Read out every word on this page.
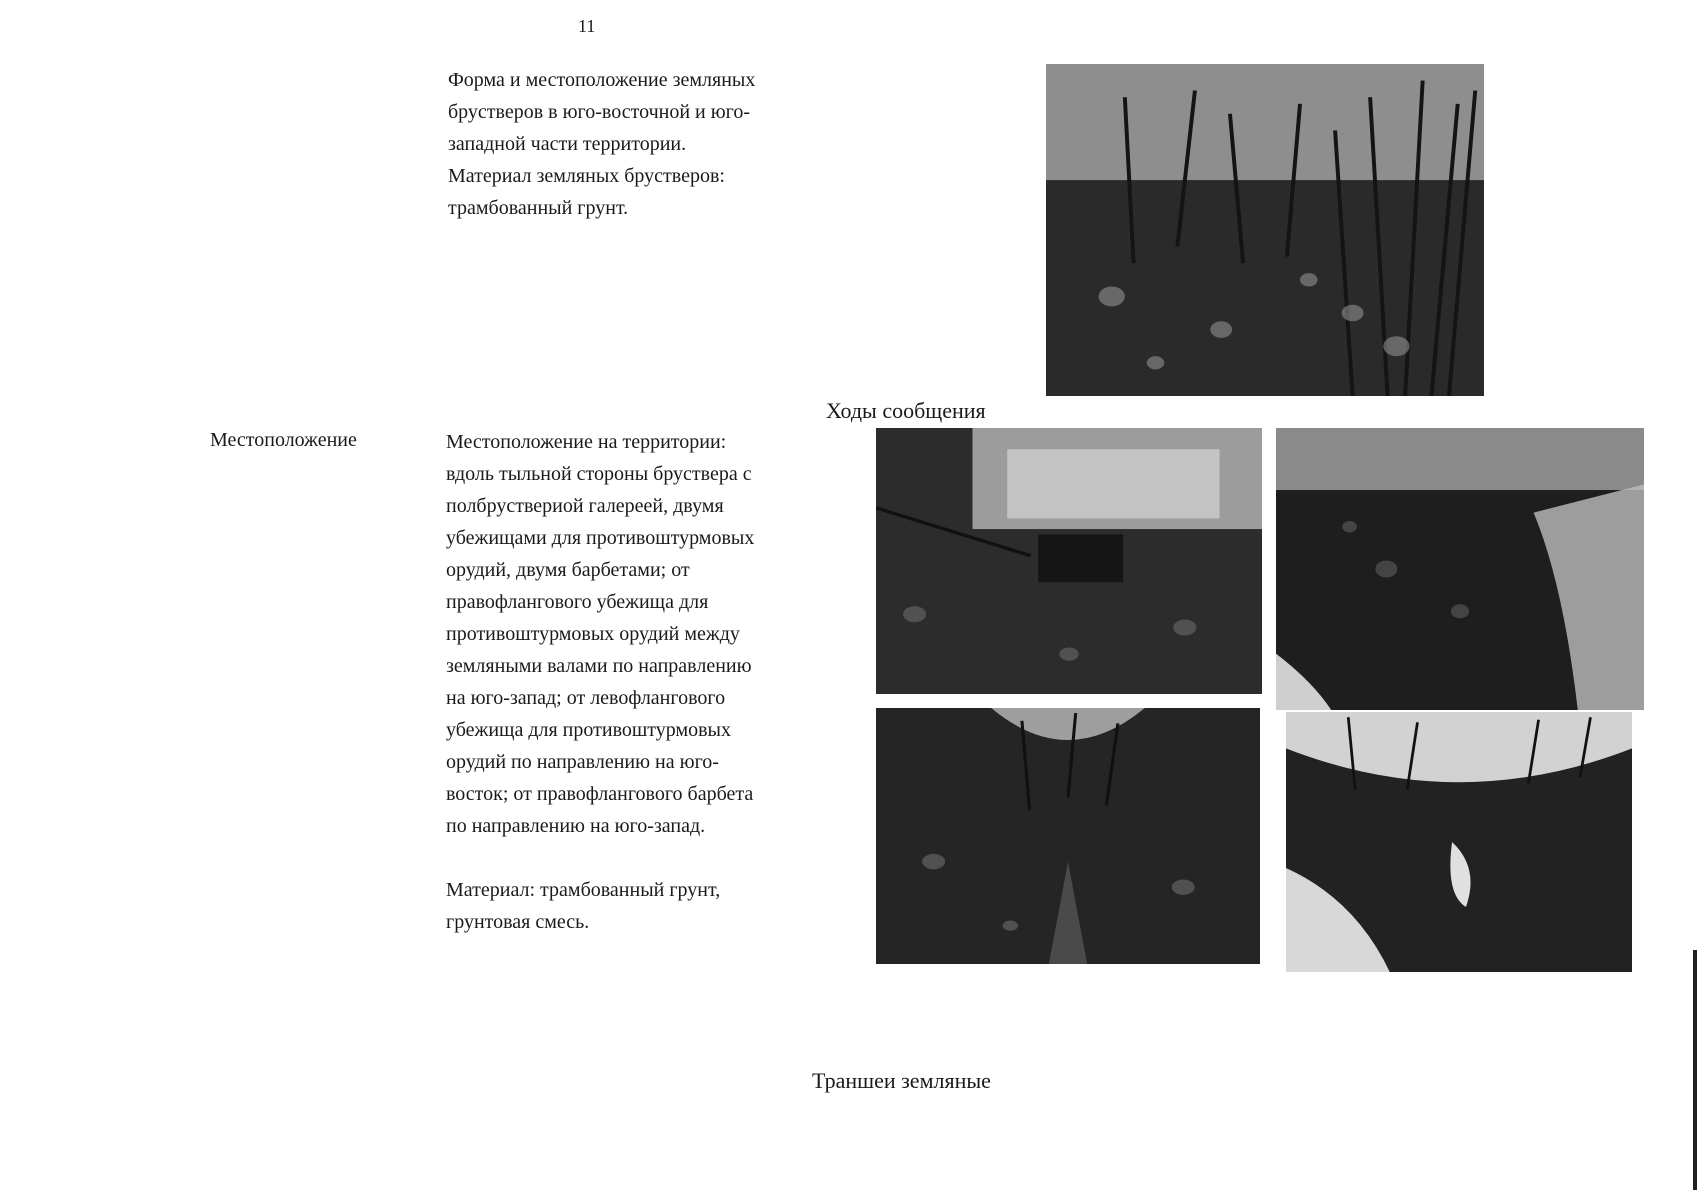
11
Форма и местоположение земляных
брустверов в юго-восточной и юго-
западной части территории.
Материал земляных брустверов:
трамбованный грунт.
Ходы сообщения
Местоположение	Местоположение на территории:
вдоль тыльной стороны бруствера с
полбруствериой галереей, двумя
убежищами для противоштурмовых
орудий, двумя барбетами; от
правофлангового убежища для
противоштурмовых орудий между
земляными валами по направлению
на юго-запад; от левофлангового
убежища для противоштурмовых
орудий по направлению на юго-
восток; от правофлангового барбета
по направлению на юго-запад.
Материал: трамбованный грунт,
грунтовая смесь.
Траншеи земляные
